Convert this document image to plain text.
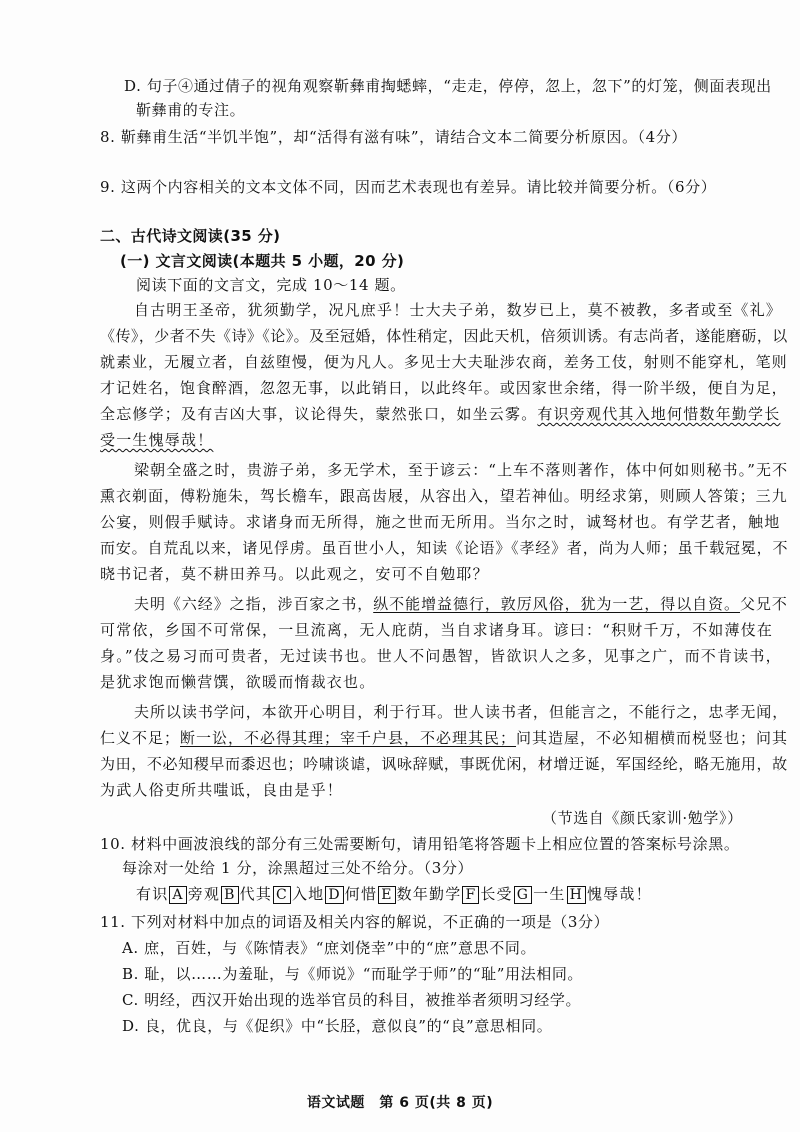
D. 句子④通过倩子的视角观察靳彝甫掏蟋蟀，“走走，停停，忽上，忽下”的灯笼，侧面表现出
靳彝甫的专注。
8. 靳彝甫生活“半饥半饱”，却“活得有滋有味”，请结合文本二简要分析原因。（4分）
9. 这两个内容相关的文本文体不同，因而艺术表现也有差异。请比较并简要分析。（6分）
二、古代诗文阅读(35 分)
(一) 文言文阅读(本题共 5 小题，20 分)
阅读下面的文言文，完成 10～14 题。
自古明王圣帝，犹须勤学，况凡庶乎！士大夫子弟，数岁已上，莫不被教，多者或至《礼》
《传》，少者不失《诗》《论》。及至冠婚，体性稍定，因此天机，倍须训诱。有志尚者，遂能磨砺，以
就素业，无履立者，自兹堕慢，便为凡人。多见士大夫耻涉农商，差务工伎，射则不能穿札，笔则
才记姓名，饱食醉酒，忽忽无事，以此销日，以此终年。或因家世余绪，得一阶半级，便自为足，
全忘修学；及有吉凶大事，议论得失，蒙然张口，如坐云雾。有识旁观代其入地何惜数年勤学长
受一生愧辱哉！
梁朝全盛之时，贵游子弟，多无学术，至于谚云：“上车不落则著作，体中何如则秘书。”无不
熏衣剃面，傅粉施朱，驾长檐车，跟高齿屐，从容出入，望若神仙。明经求第，则顾人答策；三九
公宴，则假手赋诗。求诸身而无所得，施之世而无所用。当尔之时，诚驽材也。有学艺者，触地
而安。自荒乱以来，诸见俘虏。虽百世小人，知读《论语》《孝经》者，尚为人师；虽千载冠冕，不
晓书记者，莫不耕田养马。以此观之，安可不自勉耶？
夫明《六经》之指，涉百家之书，纵不能增益德行，敦厉风俗，犹为一艺，得以自资。父兄不
可常依，乡国不可常保，一旦流离，无人庇荫，当自求诸身耳。谚曰：“积财千万，不如薄伎在
身。”伎之易习而可贵者，无过读书也。世人不问愚智，皆欲识人之多，见事之广，而不肯读书，
是犹求饱而懒营馔，欲暖而惰裁衣也。
夫所以读书学问，本欲开心明目，利于行耳。世人读书者，但能言之，不能行之，忠孝无闻，
仁义不足；断一讼，不必得其理；宰千户县，不必理其民；问其造屋，不必知楣横而棁竖也；问其
为田，不必知稷早而黍迟也；吟啸谈谑，讽咏辞赋，事既优闲，材增迂诞，军国经纶，略无施用，故
为武人俗吏所共嗤诋，良由是乎！
（节选自《颜氏家训·勉学》）
10. 材料中画波浪线的部分有三处需要断句，请用铅笔将答题卡上相应位置的答案标号涂黑。
每涂对一处给 1 分，涂黑超过三处不给分。（3分）
有识 A 旁观 B 代其 C 入地 D 何惜 E 数年勤学 F 长受 G 一生 H 愧辱哉！
11. 下列对材料中加点的词语及相关内容的解说，不正确的一项是（3分）
A. 庶，百姓，与《陈情表》“庶刘侥幸”中的“庶”意思不同。
B. 耻，以……为羞耻，与《师说》“而耻学于师”的“耻”用法相同。
C. 明经，西汉开始出现的选举官员的科目，被推举者须明习经学。
D. 良，优良，与《促织》中“长胫，意似良”的“良”意思相同。
语文试题　第 6 页(共 8 页)
